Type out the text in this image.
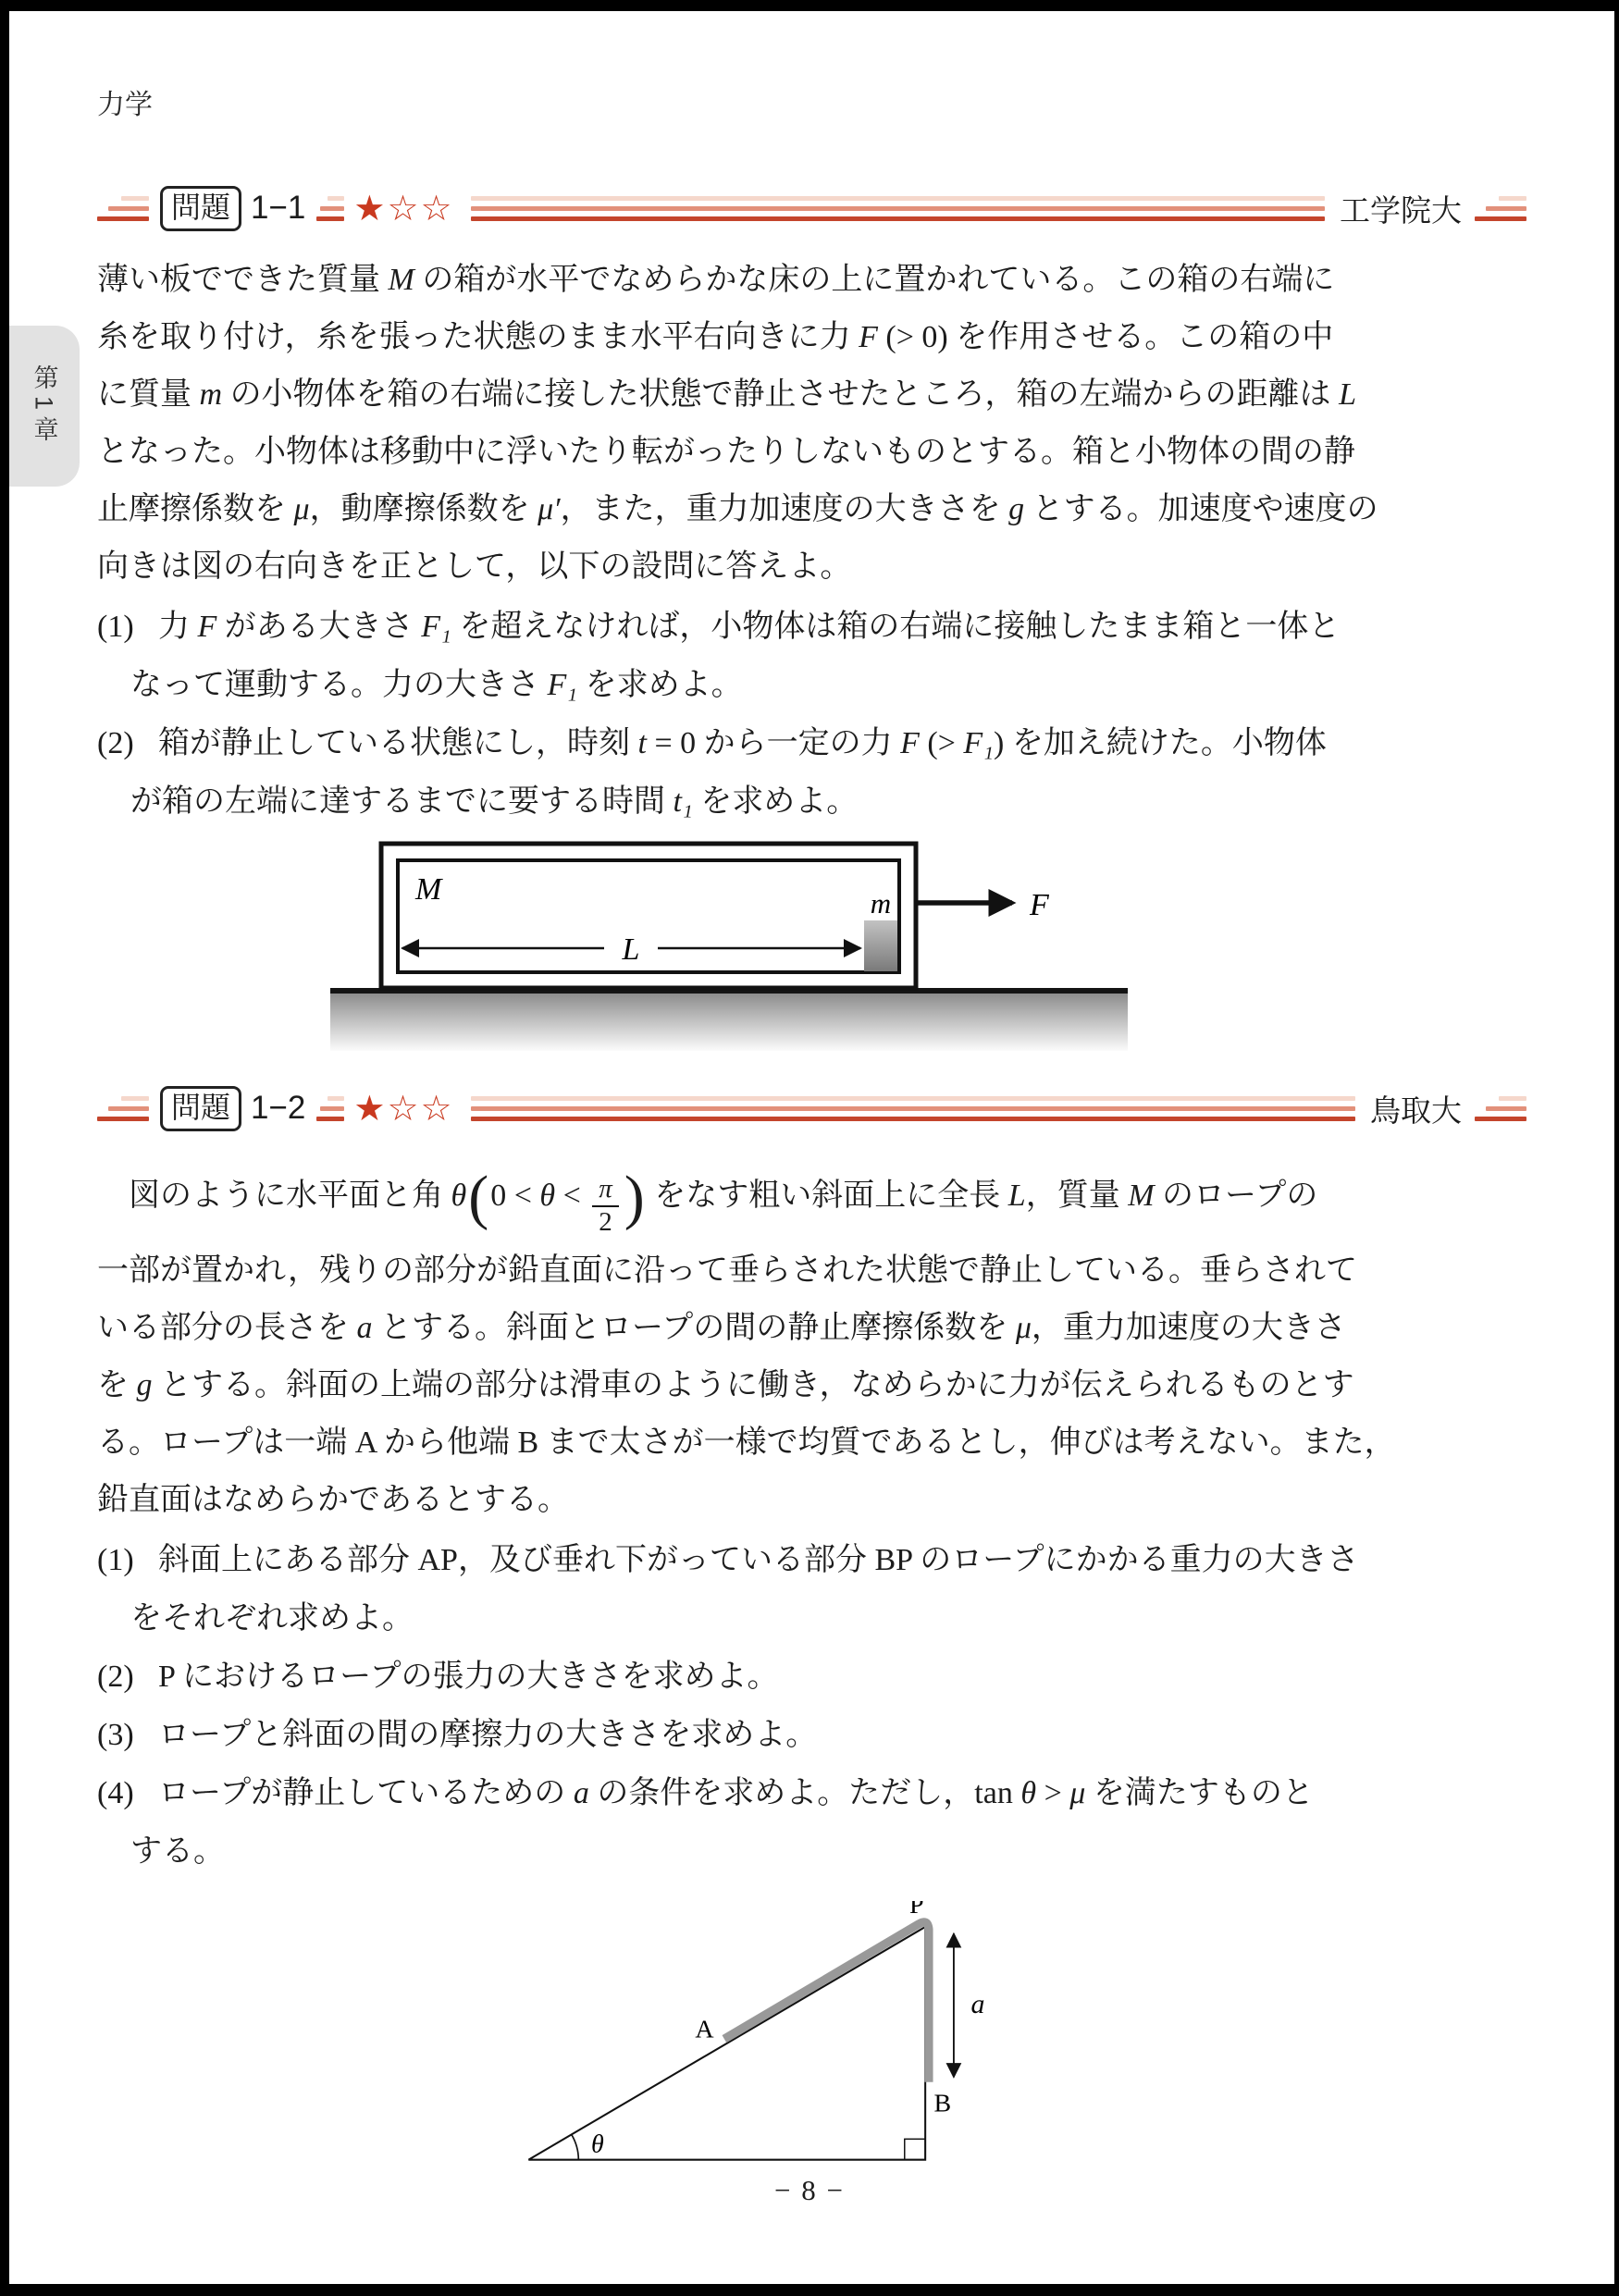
第1章
力学
問題 1−1 ★☆☆	工学院大
薄い板でできた質量 M の箱が水平でなめらかな床の上に置かれている。この箱の右端に
糸を取り付け，糸を張った状態のまま水平右向きに力 F (> 0) を作用させる。この箱の中
に質量 m の小物体を箱の右端に接した状態で静止させたところ，箱の左端からの距離は L
となった。小物体は移動中に浮いたり転がったりしないものとする。箱と小物体の間の静
止摩擦係数を μ，動摩擦係数を μ′，また，重力加速度の大きさを g とする。加速度や速度の
向きは図の右向きを正として，以下の設問に答えよ。
(1) 力 F がある大きさ F₁ を超えなければ，小物体は箱の右端に接触したまま箱と一体と
なって運動する。力の大きさ F₁ を求めよ。
(2) 箱が静止している状態にし，時刻 t = 0 から一定の力 F (> F₁) を加え続けた。小物体
が箱の左端に達するまでに要する時間 t₁ を求めよ。
M	m
L
F
問題 1−2 ★☆☆	鳥取大
図のように水平面と角 $\theta(0 < \theta < \frac{\pi}{2}$ ) をなす粗い斜面上に全長 L，質量 M のロープの
一部が置かれ，残りの部分が鉛直面に沿って垂らされた状態で静止している。垂らされて
いる部分の長さを a とする。斜面とロープの間の静止摩擦係数を μ，重力加速度の大きさ
を g とする。斜面の上端の部分は滑車のように働き，なめらかに力が伝えられるものとす
る。ロープは一端 A から他端 B まで太さが一様で均質であるとし，伸びは考えない。また，
鉛直面はなめらかであるとする。
(1) 斜面上にある部分 AP，及び垂れ下がっている部分 BP のロープにかかる重力の大きさ
をそれぞれ求めよ。
(2) P におけるロープの張力の大きさを求めよ。
(3) ロープと斜面の間の摩擦力の大きさを求めよ。
(4) ロープが静止しているための a の条件を求めよ。ただし，tan θ > μ を満たすものと
する。
θ
a
P
A
B
− 8 −
